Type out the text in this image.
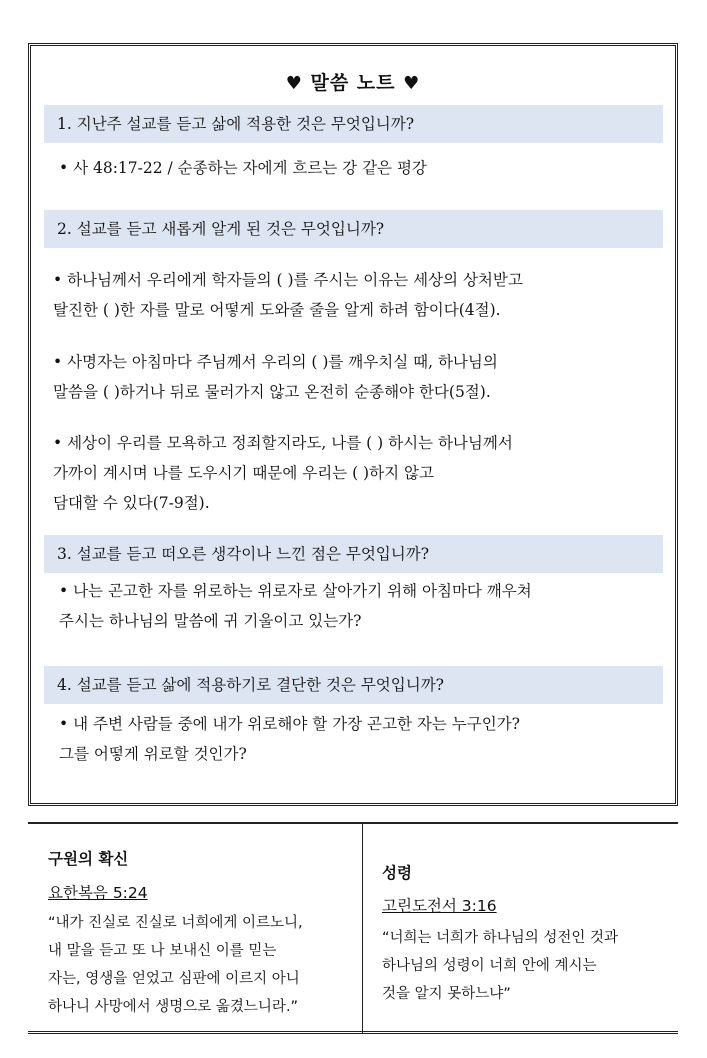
♥ 말씀 노트 ♥
1. 지난주 설교를 듣고 삶에 적용한 것은 무엇입니까?
• 사 48:17-22 / 순종하는 자에게 흐르는 강 같은 평강
2. 설교를 듣고 새롭게 알게 된 것은 무엇입니까?
• 하나님께서 우리에게 학자들의 ( )를 주시는 이유는 세상의 상처받고
탈진한 ( )한 자를 말로 어떻게 도와줄 줄을 알게 하려 함이다(4절).
• 사명자는 아침마다 주님께서 우리의 ( )를 깨우치실 때, 하나님의
말씀을 ( )하거나 뒤로 물러가지 않고 온전히 순종해야 한다(5절).
• 세상이 우리를 모욕하고 정죄할지라도, 나를 ( ) 하시는 하나님께서
가까이 계시며 나를 도우시기 때문에 우리는 ( )하지 않고
담대할 수 있다(7-9절).
3. 설교를 듣고 떠오른 생각이나 느낀 점은 무엇입니까?
• 나는 곤고한 자를 위로하는 위로자로 살아가기 위해 아침마다 깨우쳐
주시는 하나님의 말씀에 귀 기울이고 있는가?
4. 설교를 듣고 삶에 적용하기로 결단한 것은 무엇입니까?
• 내 주변 사람들 중에 내가 위로해야 할 가장 곤고한 자는 누구인가?
그를 어떻게 위로할 것인가?
구원의 확신
요한복음 5:24
“내가 진실로 진실로 너희에게 이르노니,
내 말을 듣고 또 나 보내신 이를 믿는
자는, 영생을 얻었고 심판에 이르지 아니
하나니 사망에서 생명으로 옮겼느니라.”
성령
고린도전서 3:16
“너희는 너희가 하나님의 성전인 것과
하나님의 성령이 너희 안에 계시는
것을 알지 못하느냐”
